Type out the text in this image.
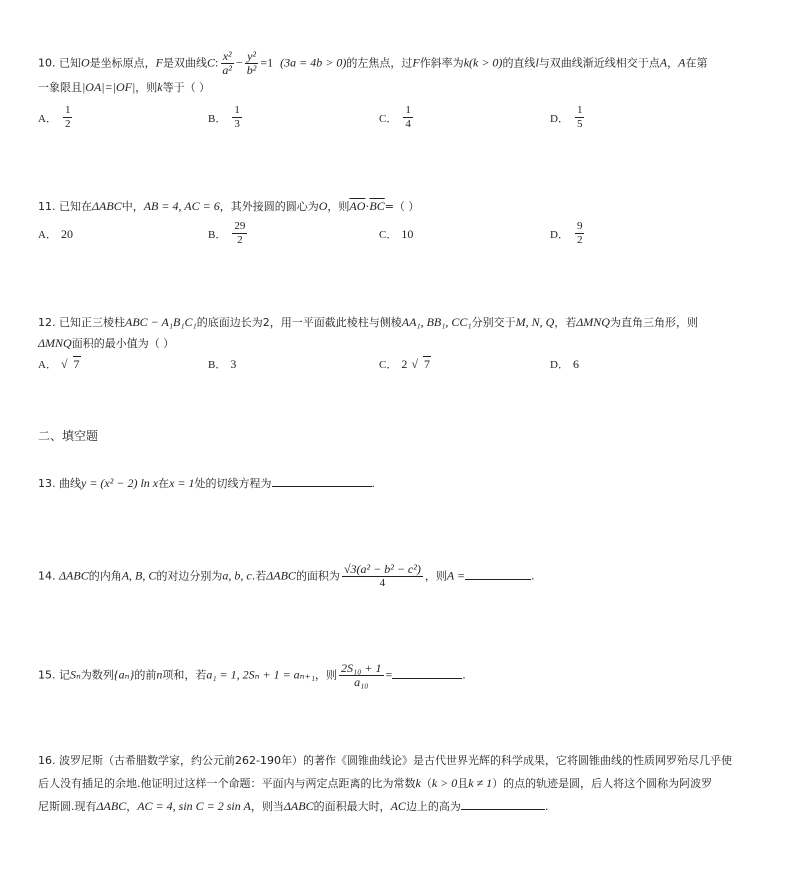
10. 已知O是坐标原点，F是双曲线C: $\frac{\text{x²}}{\text{a²}} - \frac{\text{y²}}{\text{b²}} =1$ (3a = 4b > 0)的左焦点，过F作斜率为k(k > 0)的直线l与双曲线渐近线相交于点A，A在第
一象限且|OA|=|OF|，则k等于（ ）
A． $\frac{1}{2}$	B． $\frac{1}{3}$	C． $\frac{1}{4}$	D． $\frac{1}{5}$
11. 已知在ΔABC中，AB = 4, AC = 6，其外接圆的圆心为O，则$\overline{AO}\cdot\overline{BC}=$（ ）
A． 20	B． $\frac{29}{2}$	C． 10	D． $\frac{9}{2}$
12. 已知正三棱柱ABC − A₁B₁C₁的底面边长为2，用一平面截此棱柱与侧棱AA₁, BB₁, CC₁分别交于M, N, Q，若ΔMNQ为直角三角形，则
ΔMNQ面积的最小值为（ ）
A． √ 7	B． 3	C． 2 √ 7	D． 6
二、填空题
13. 曲线y = (x² − 2) ln x在x = 1处的切线方程为	.
14. ΔABC的内角A, B, C的对边分别为a, b, c.若ΔABC的面积为 $\frac{\text{√3(a² − b² − c²)}}{4}$ ，则A =	.
15. 记Sₙ为数列{aₙ}的前n项和，若a₁ = 1, 2Sₙ + 1 = aₙ₊₁，则 $\frac{\text{2S₁₀ + 1}}{\text{a₁₀}}$ =	.
16. 波罗尼斯（古希腊数学家，约公元前262-190年）的著作《圆锥曲线论》是古代世界光辉的科学成果，它将圆锥曲线的性质网罗殆尽几乎使
后人没有插足的余地.他证明过这样一个命题：平面内与两定点距离的比为常数k（k > 0且k ≠ 1）的点的轨迹是圆，后人将这个圆称为阿波罗
尼斯圆.现有ΔABC，AC = 4, sin C = 2 sin A，则当ΔABC的面积最大时，AC边上的高为	.
